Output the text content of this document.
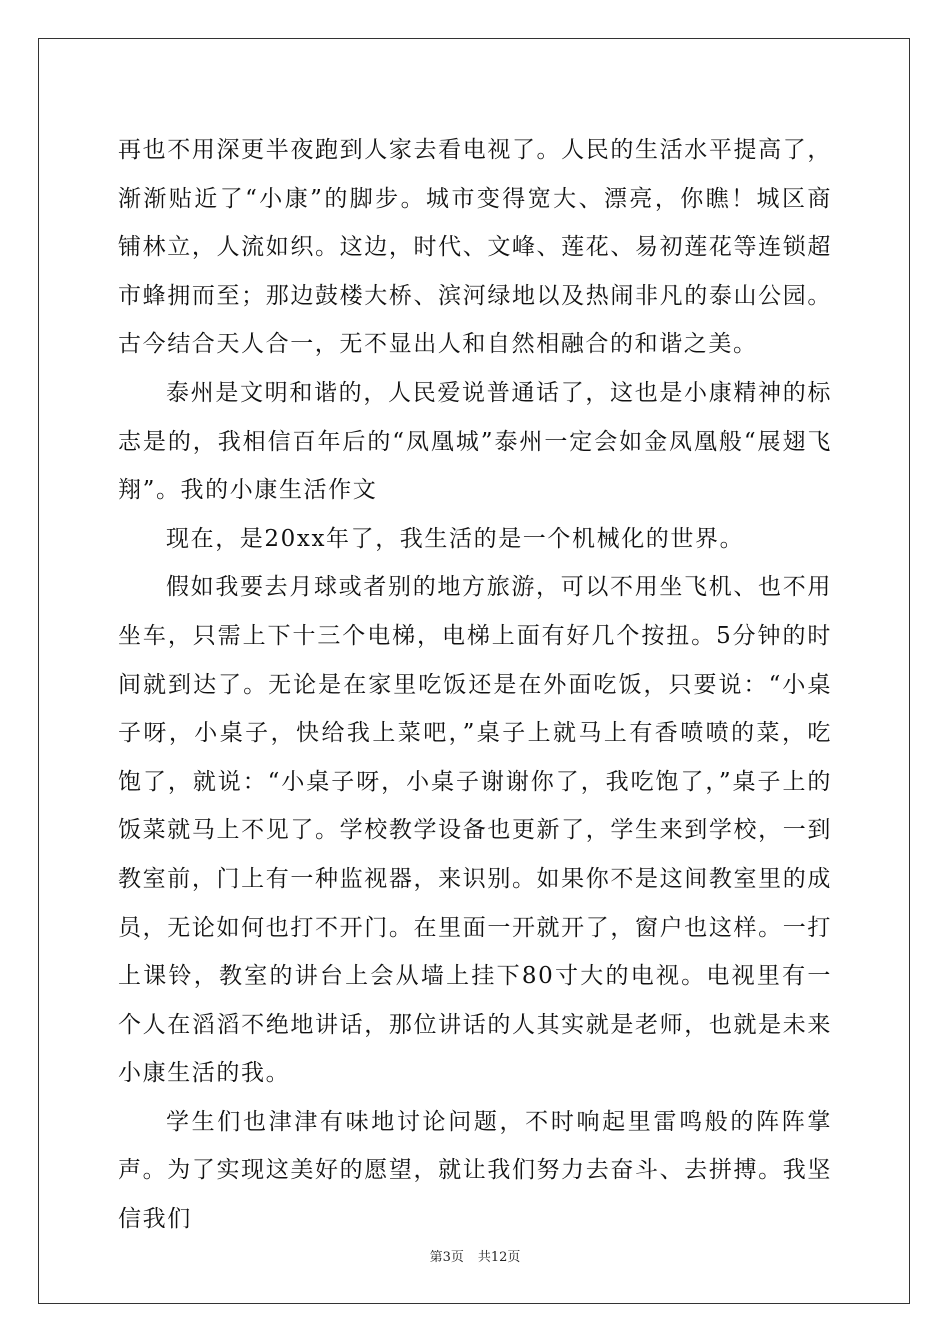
再也不用深更半夜跑到人家去看电视了。人民的生活水平提高了，渐渐贴近了“小康”的脚步。城市变得宽大、漂亮，你瞧！城区商铺林立，人流如织。这边，时代、文峰、莲花、易初莲花等连锁超市蜂拥而至；那边鼓楼大桥、滨河绿地以及热闹非凡的泰山公园。古今结合天人合一，无不显出人和自然相融合的和谐之美。

泰州是文明和谐的，人民爱说普通话了，这也是小康精神的标志是的，我相信百年后的“凤凰城”泰州一定会如金凤凰般“展翅飞翔”。我的小康生活作文

现在，是20xx年了，我生活的是一个机械化的世界。

假如我要去月球或者别的地方旅游，可以不用坐飞机、也不用坐车，只需上下十三个电梯，电梯上面有好几个按扭。5分钟的时间就到达了。无论是在家里吃饭还是在外面吃饭，只要说：“小桌子呀，小桌子，快给我上菜吧，”桌子上就马上有香喷喷的菜，吃饱了，就说：“小桌子呀，小桌子谢谢你了，我吃饱了，”桌子上的饭菜就马上不见了。学校教学设备也更新了，学生来到学校，一到教室前，门上有一种监视器，来识别。如果你不是这间教室里的成员，无论如何也打不开门。在里面一开就开了，窗户也这样。一打上课铃，教室的讲台上会从墙上挂下80寸大的电视。电视里有一个人在滔滔不绝地讲话，那位讲话的人其实就是老师，也就是未来小康生活的我。

学生们也津津有味地讨论问题，不时响起里雷鸣般的阵阵掌声。为了实现这美好的愿望，就让我们努力去奋斗、去拼搏。我坚信我们

第3页 共12页
